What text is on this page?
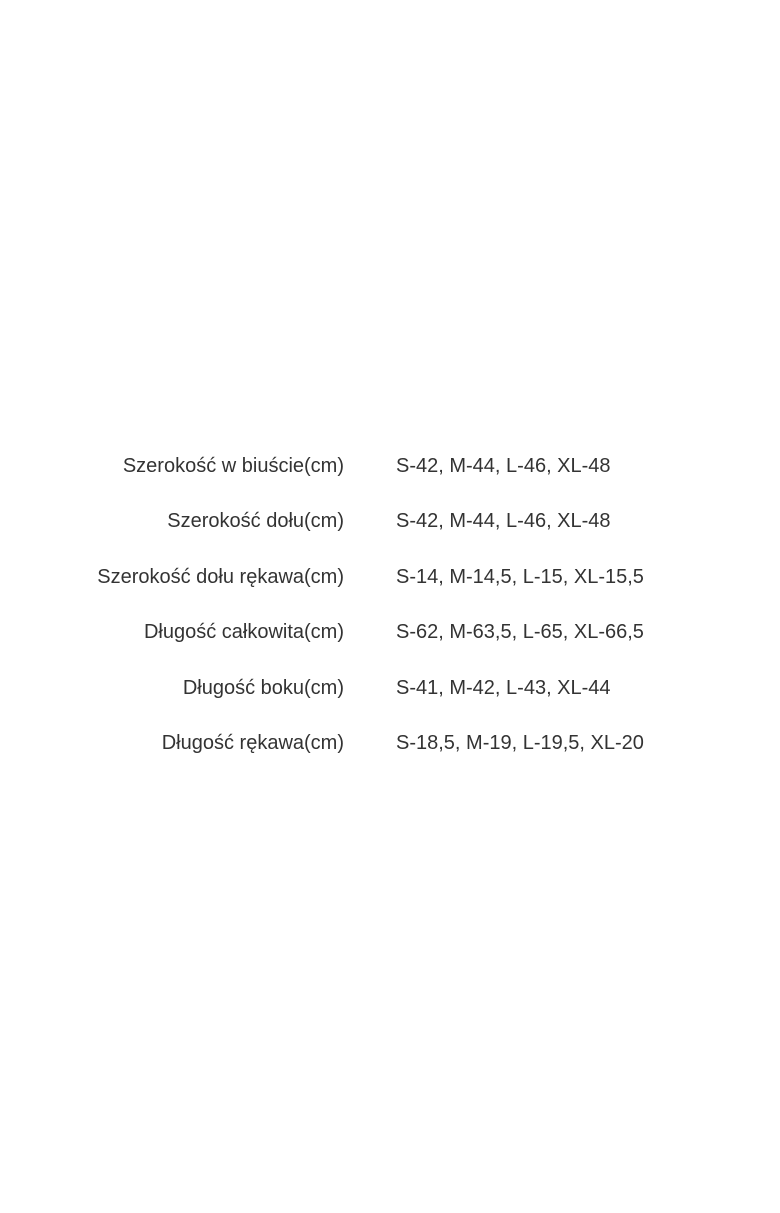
Szerokość w biuście(cm)	S-42, M-44, L-46, XL-48
Szerokość dołu(cm)	S-42, M-44, L-46, XL-48
Szerokość dołu rękawa(cm)	S-14, M-14,5, L-15, XL-15,5
Długość całkowita(cm)	S-62, M-63,5, L-65, XL-66,5
Długość boku(cm)	S-41, M-42, L-43, XL-44
Długość rękawa(cm)	S-18,5, M-19, L-19,5, XL-20
